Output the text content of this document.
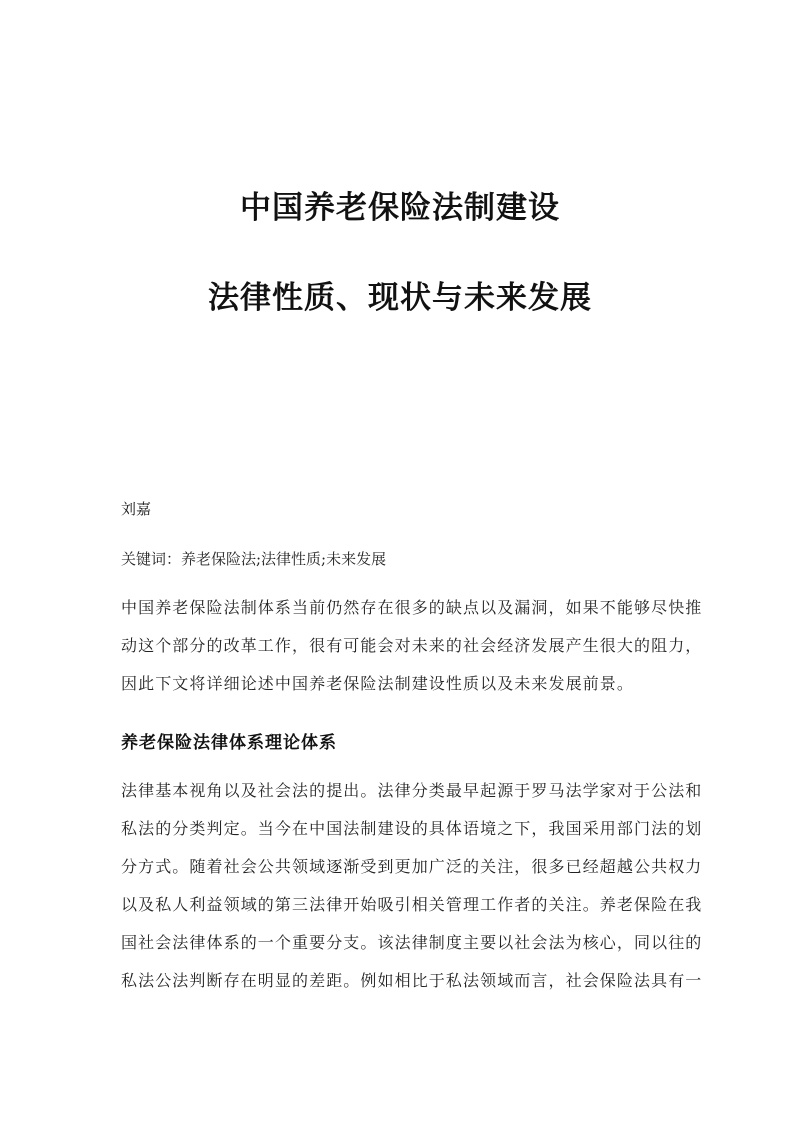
中国养老保险法制建设
法律性质、现状与未来发展

刘嘉

关键词：养老保险法;法律性质;未来发展

中国养老保险法制体系当前仍然存在很多的缺点以及漏洞，如果不能够尽快推
动这个部分的改革工作，很有可能会对未来的社会经济发展产生很大的阻力，
因此下文将详细论述中国养老保险法制建设性质以及未来发展前景。

养老保险法律体系理论体系

法律基本视角以及社会法的提出。法律分类最早起源于罗马法学家对于公法和
私法的分类判定。当今在中国法制建设的具体语境之下，我国采用部门法的划
分方式。随着社会公共领域逐渐受到更加广泛的关注，很多已经超越公共权力
以及私人利益领域的第三法律开始吸引相关管理工作者的关注。养老保险在我
国社会法律体系的一个重要分支。该法律制度主要以社会法为核心，同以往的
私法公法判断存在明显的差距。例如相比于私法领域而言，社会保险法具有一
